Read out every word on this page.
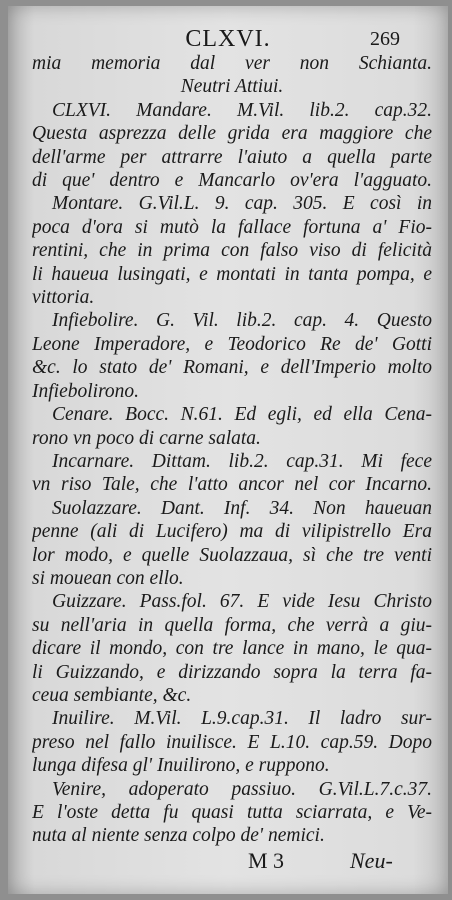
CLXVI.	269
mia memoria dal ver non Schianta.
Neutri Attiui.
CLXVI. Mandare. M.Vil. lib.2. cap.32.
Questa asprezza delle grida era maggiore che
dell'arme per attrarre l'aiuto a quella parte
di que' dentro e Mancarlo ov'era l'agguato.
Montare. G.Vil.L. 9. cap. 305. E così in
poca d'ora si mutò la fallace fortuna a' Fio-
rentini, che in prima con falso viso di felicità
li haueua lusingati, e montati in tanta pompa, e
vittoria.
Infiebolire. G. Vil. lib.2. cap. 4. Questo
Leone Imperadore, e Teodorico Re de' Gotti
&c. lo stato de' Romani, e dell'Imperio molto
Infiebolirono.
Cenare. Bocc. N.61. Ed egli, ed ella Cena-
rono vn poco di carne salata.
Incarnare. Dittam. lib.2. cap.31. Mi fece
vn riso Tale, che l'atto ancor nel cor Incarno.
Suolazzare. Dant. Inf. 34. Non haueuan
penne (ali di Lucifero) ma di vilipistrello Era
lor modo, e quelle Suolazzaua, sì che tre venti
si mouean con ello.
Guizzare. Pass.fol. 67. E vide Iesu Christo
su nell'aria in quella forma, che verrà a giu-
dicare il mondo, con tre lance in mano, le qua-
li Guizzando, e dirizzando sopra la terra fa-
ceua sembiante, &c.
Inuilire. M.Vil. L.9.cap.31. Il ladro sur-
preso nel fallo inuilisce. E L.10. cap.59. Dopo
lunga difesa gl' Inuilirono, e ruppono.
Venire, adoperato passiuo. G.Vil.L.7.c.37.
E l'oste detta fu quasi tutta sciarrata, e Ve-
nuta al niente senza colpo de' nemici.
M 3	Neu-
